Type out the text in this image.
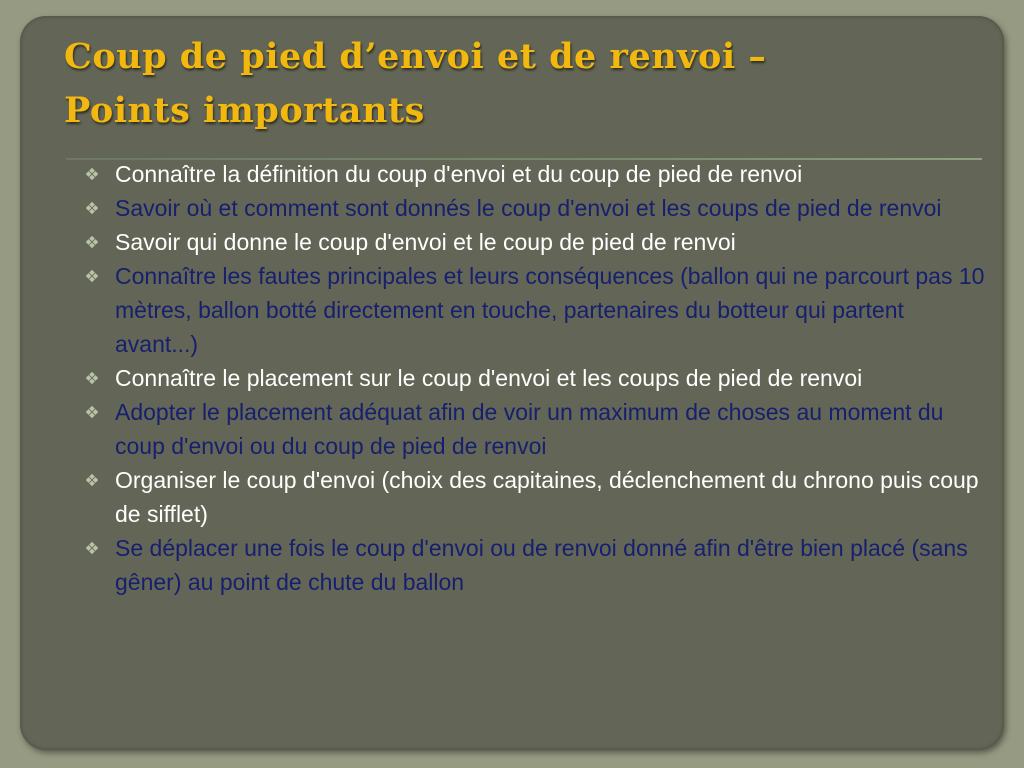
Coup de pied d’envoi et de renvoi –
Points importants
Connaître la définition du coup d'envoi et du coup de pied de renvoi
Savoir où et comment sont donnés le coup d'envoi et les coups de pied de renvoi
Savoir qui donne le coup d'envoi et le coup de pied de renvoi
Connaître les fautes principales et leurs conséquences (ballon qui ne parcourt pas 10 mètres, ballon botté directement en touche, partenaires du botteur qui partent avant...)
Connaître le placement sur le coup d'envoi et les coups de pied de renvoi
Adopter le placement adéquat afin de voir un maximum de choses au moment du coup d'envoi ou du coup de pied de renvoi
Organiser le coup d'envoi (choix des capitaines, déclenchement du chrono puis coup de sifflet)
Se déplacer une fois le coup d'envoi ou de renvoi donné afin d'être bien placé (sans gêner) au point de chute du ballon
